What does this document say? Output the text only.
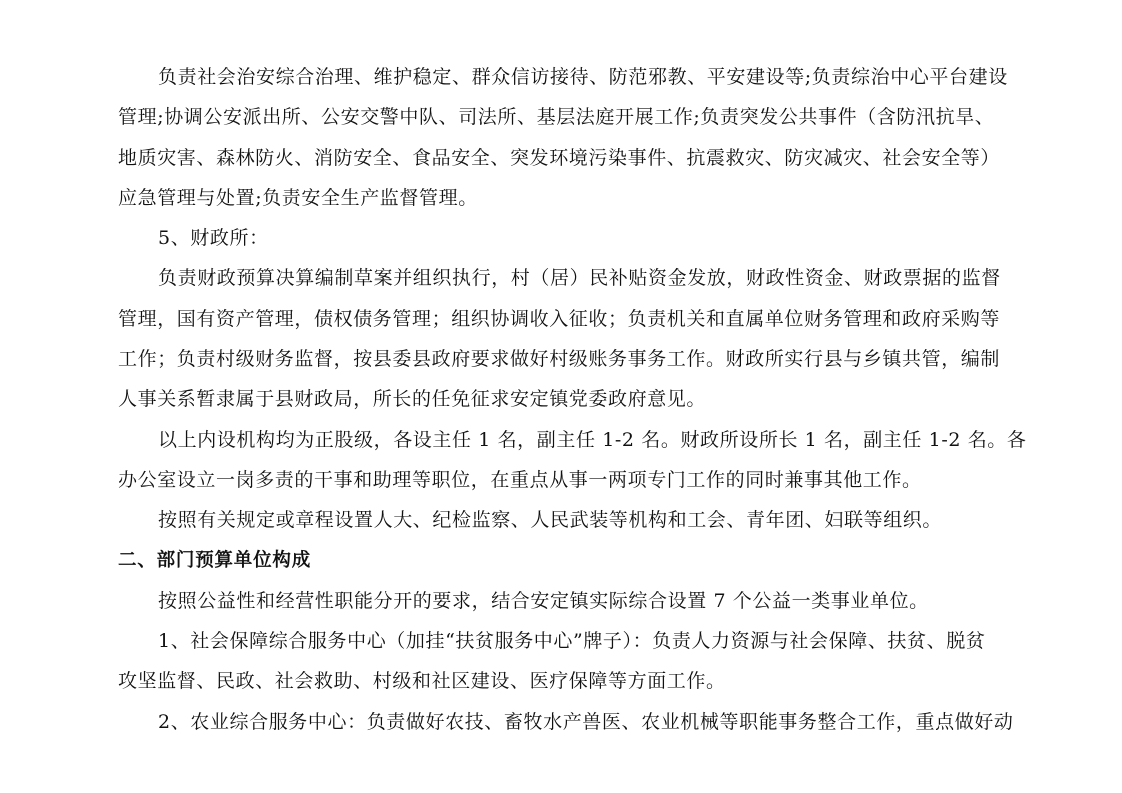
负责社会治安综合治理、维护稳定、群众信访接待、防范邪教、平安建设等;负责综治中心平台建设
管理;协调公安派出所、公安交警中队、司法所、基层法庭开展工作;负责突发公共事件（含防汛抗旱、
地质灾害、森林防火、消防安全、食品安全、突发环境污染事件、抗震救灾、防灾减灾、社会安全等）
应急管理与处置;负责安全生产监督管理。
5、财政所：
负责财政预算决算编制草案并组织执行，村（居）民补贴资金发放，财政性资金、财政票据的监督
管理，国有资产管理，债权债务管理；组织协调收入征收；负责机关和直属单位财务管理和政府采购等
工作；负责村级财务监督，按县委县政府要求做好村级账务事务工作。财政所实行县与乡镇共管，编制
人事关系暂隶属于县财政局，所长的任免征求安定镇党委政府意见。
以上内设机构均为正股级，各设主任 1 名，副主任 1-2 名。财政所设所长 1 名，副主任 1-2 名。各
办公室设立一岗多责的干事和助理等职位，在重点从事一两项专门工作的同时兼事其他工作。
按照有关规定或章程设置人大、纪检监察、人民武装等机构和工会、青年团、妇联等组织。
二、部门预算单位构成
按照公益性和经营性职能分开的要求，结合安定镇实际综合设置 7 个公益一类事业单位。
1、社会保障综合服务中心（加挂“扶贫服务中心”牌子）：负责人力资源与社会保障、扶贫、脱贫
攻坚监督、民政、社会救助、村级和社区建设、医疗保障等方面工作。
2、农业综合服务中心：负责做好农技、畜牧水产兽医、农业机械等职能事务整合工作，重点做好动
